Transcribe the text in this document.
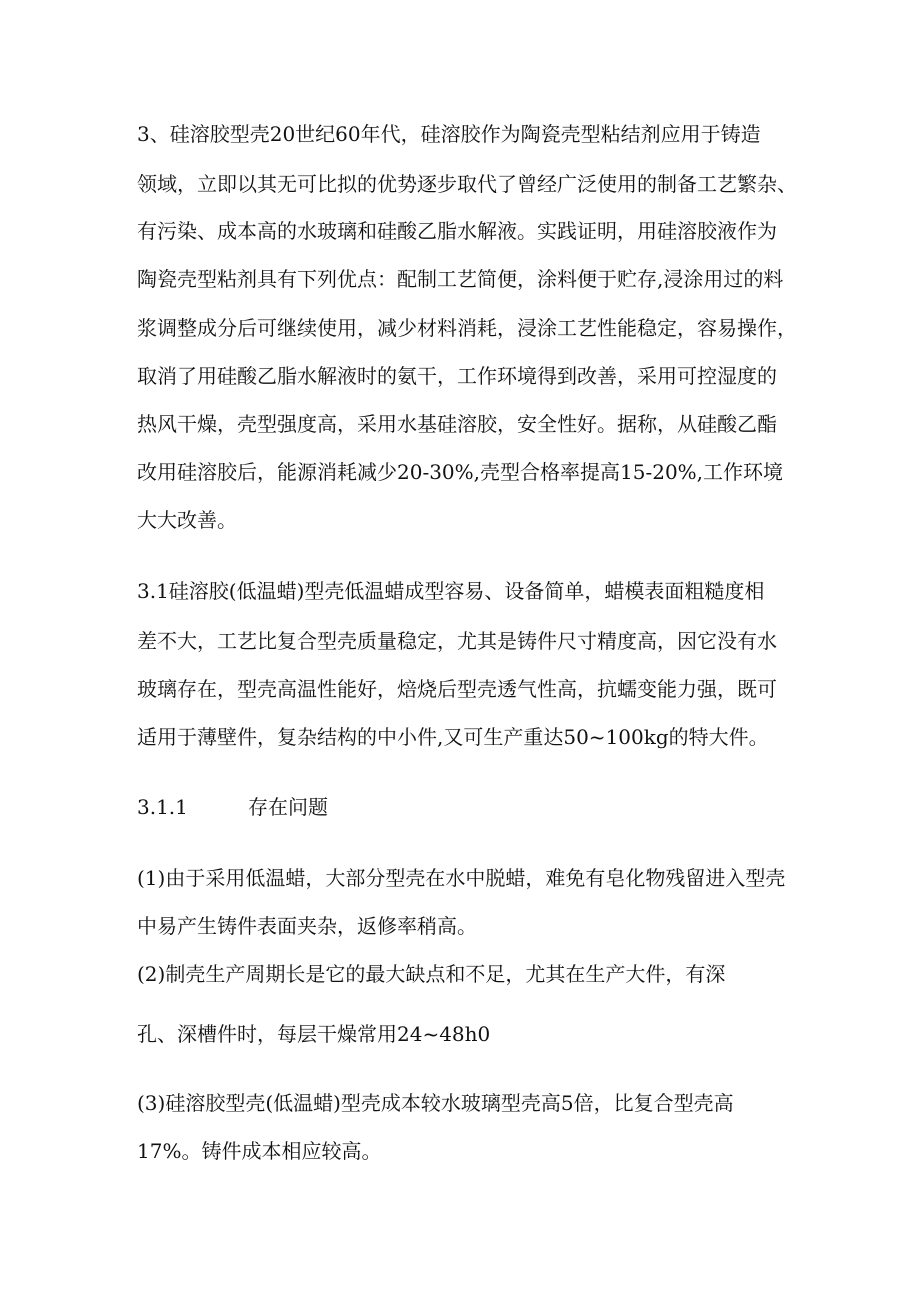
3、硅溶胶型壳20世纪60年代，硅溶胶作为陶瓷壳型粘结剂应用于铸造
领域，立即以其无可比拟的优势逐步取代了曾经广泛使用的制备工艺繁杂、
有污染、成本高的水玻璃和硅酸乙脂水解液。实践证明，用硅溶胶液作为
陶瓷壳型粘剂具有下列优点：配制工艺简便，涂料便于贮存,浸涂用过的料
浆调整成分后可继续使用，减少材料消耗，浸涂工艺性能稳定，容易操作，
取消了用硅酸乙脂水解液时的氨干，工作环境得到改善，采用可控湿度的
热风干燥，壳型强度高，采用水基硅溶胶，安全性好。据称，从硅酸乙酯
改用硅溶胶后，能源消耗减少20-30%,壳型合格率提高15-20%,工作环境
大大改善。
3.1硅溶胶(低温蜡)型壳低温蜡成型容易、设备简单，蜡模表面粗糙度相
差不大，工艺比复合型壳质量稳定，尤其是铸件尺寸精度高，因它没有水
玻璃存在，型壳高温性能好，焙烧后型壳透气性高，抗蠕变能力强，既可
适用于薄壁件，复杂结构的中小件,又可生产重达50~100kg的特大件。
3.1.1	存在问题
(1)由于采用低温蜡，大部分型壳在水中脱蜡，难免有皂化物残留进入型壳
中易产生铸件表面夹杂，返修率稍高。
(2)制壳生产周期长是它的最大缺点和不足，尤其在生产大件，有深
孔、深槽件时，每层干燥常用24~48h0
(3)硅溶胶型壳(低温蜡)型壳成本较水玻璃型壳高5倍，比复合型壳高
17%。铸件成本相应较高。
